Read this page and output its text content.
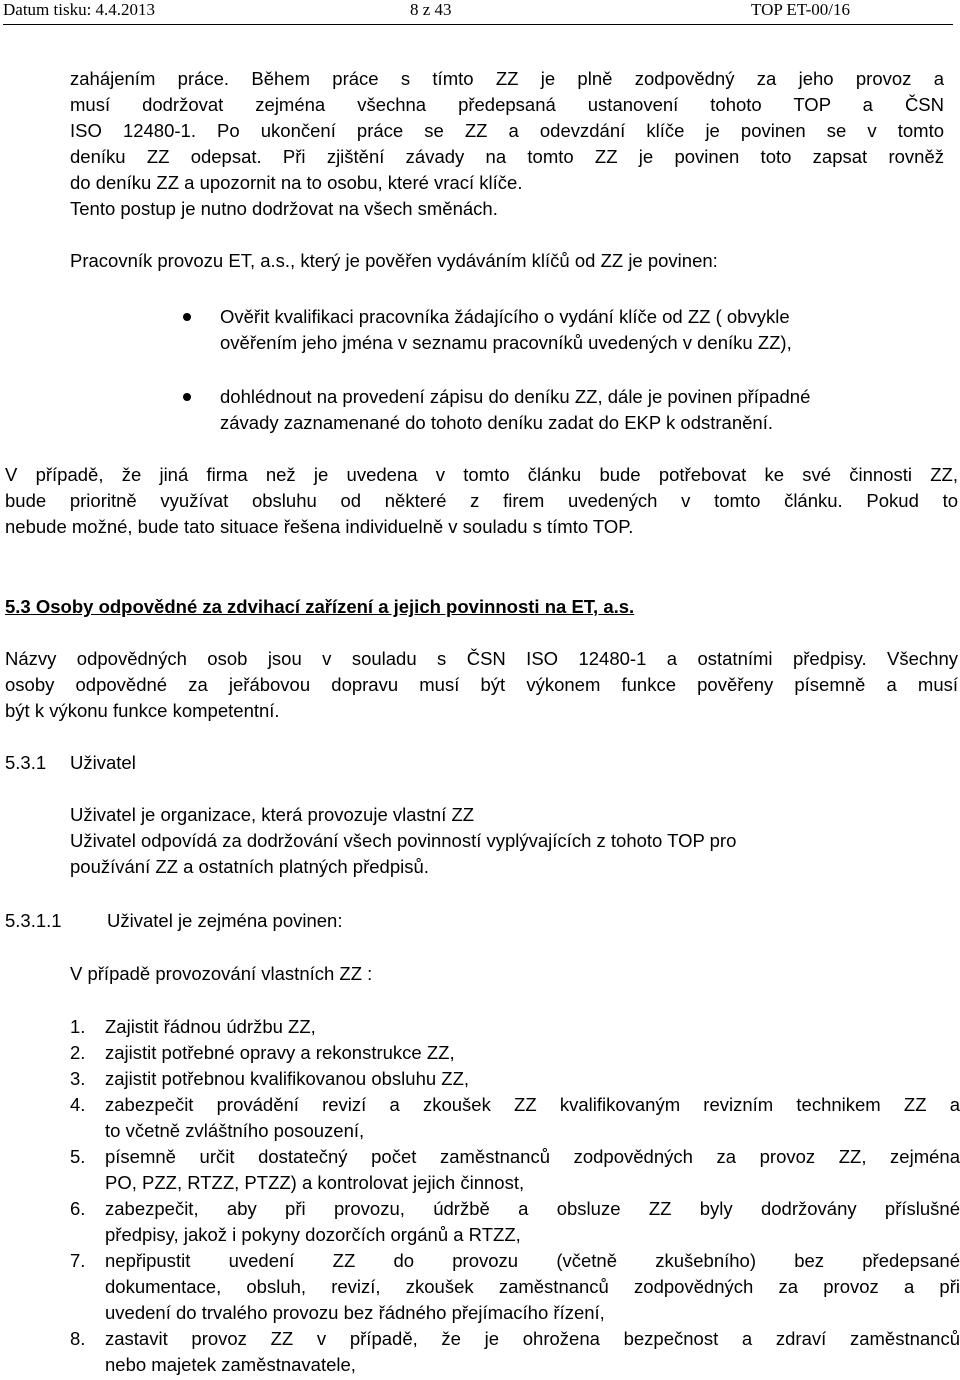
Datum tisku: 4.4.2013	8 z 43	TOP ET-00/16
zahájením práce. Během práce s tímto ZZ je plně zodpovědný za jeho provoz a
musí dodržovat zejména všechna předepsaná ustanovení tohoto TOP a ČSN
ISO 12480-1. Po ukončení práce se ZZ a odevzdání klíče je povinen se v tomto
deníku ZZ odepsat. Při zjištění závady na tomto ZZ je povinen toto zapsat rovněž
do deníku ZZ a upozornit na to osobu, které vrací klíče.
Tento postup je nutno dodržovat na všech směnách.
Pracovník provozu ET, a.s., který je pověřen vydáváním klíčů od ZZ je povinen:
Ověřit kvalifikaci pracovníka žádajícího o vydání klíče od ZZ ( obvykle
ověřením jeho jména v seznamu pracovníků uvedených v deníku ZZ),
dohlédnout na provedení zápisu do deníku ZZ, dále je povinen případné
závady zaznamenané do tohoto deníku zadat do EKP k odstranění.
V případě, že jiná firma než je uvedena v tomto článku bude potřebovat ke své činnosti ZZ,
bude prioritně využívat obsluhu od některé z firem uvedených v tomto článku. Pokud to
nebude možné, bude tato situace řešena individuelně v souladu s tímto TOP.
5.3 Osoby odpovědné za zdvihací zařízení a jejich povinnosti na ET, a.s.
Názvy odpovědných osob jsou v souladu s ČSN ISO 12480-1 a ostatními předpisy. Všechny
osoby odpovědné za jeřábovou dopravu musí být výkonem funkce pověřeny písemně a musí
být k výkonu funkce kompetentní.
5.3.1	Uživatel
Uživatel je organizace, která provozuje vlastní ZZ
Uživatel odpovídá za dodržování všech povinností vyplývajících z tohoto TOP pro
používání ZZ a ostatních platných předpisů.
5.3.1.1	Uživatel je zejména povinen:
V případě provozování vlastních ZZ :
1. Zajistit řádnou údržbu ZZ,
2. zajistit potřebné opravy a rekonstrukce ZZ,
3. zajistit potřebnou kvalifikovanou obsluhu ZZ,
4. zabezpečit provádění revizí a zkoušek ZZ kvalifikovaným revizním technikem ZZ a
to včetně zvláštního posouzení,
5. písemně určit dostatečný počet zaměstnanců zodpovědných za provoz ZZ, zejména
PO, PZZ, RTZZ, PTZZ) a kontrolovat jejich činnost,
6. zabezpečit, aby při provozu, údržbě a obsluze ZZ byly dodržovány příslušné
předpisy, jakož i pokyny dozorčích orgánů a RTZZ,
7. nepřipustit uvedení ZZ do provozu (včetně zkušebního) bez předepsané
dokumentace, obsluh, revizí, zkoušek zaměstnanců zodpovědných za provoz a při
uvedení do trvalého provozu bez řádného přejímacího řízení,
8. zastavit provoz ZZ v případě, že je ohrožena bezpečnost a zdraví zaměstnanců
nebo majetek zaměstnavatele,
